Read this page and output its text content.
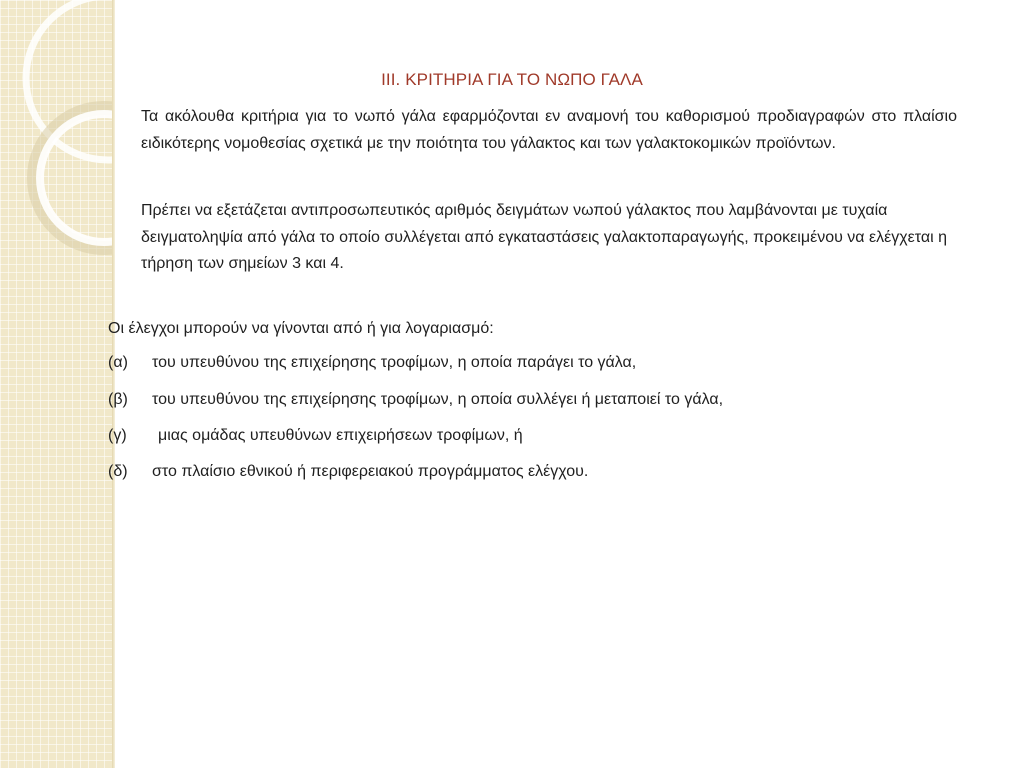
III. ΚΡΙΤΗΡΙΑ ΓΙΑ ΤΟ ΝΩΠΟ ΓΑΛΑ

Τα ακόλουθα κριτήρια για το νωπό γάλα εφαρμόζονται εν αναμονή του καθορισμού προδιαγραφών στο πλαίσιο ειδικότερης νομοθεσίας σχετικά με την ποιότητα του γάλακτος και των γαλακτοκομικών προϊόντων.

Πρέπει να εξετάζεται αντιπροσωπευτικός αριθμός δειγμάτων νωπού γάλακτος που λαμβάνονται με τυχαία δειγματοληψία από γάλα το οποίο συλλέγεται από εγκαταστάσεις γαλακτοπαραγωγής, προκειμένου να ελέγχεται η τήρηση των σημείων 3 και 4.

Οι έλεγχοι μπορούν να γίνονται από ή για λογαριασμό:
(α) του υπευθύνου της επιχείρησης τροφίμων, η οποία παράγει το γάλα,
(β) του υπευθύνου της επιχείρησης τροφίμων, η οποία συλλέγει ή μεταποιεί το γάλα,
(γ) μιας ομάδας υπευθύνων επιχειρήσεων τροφίμων, ή
(δ) στο πλαίσιο εθνικού ή περιφερειακού προγράμματος ελέγχου.
